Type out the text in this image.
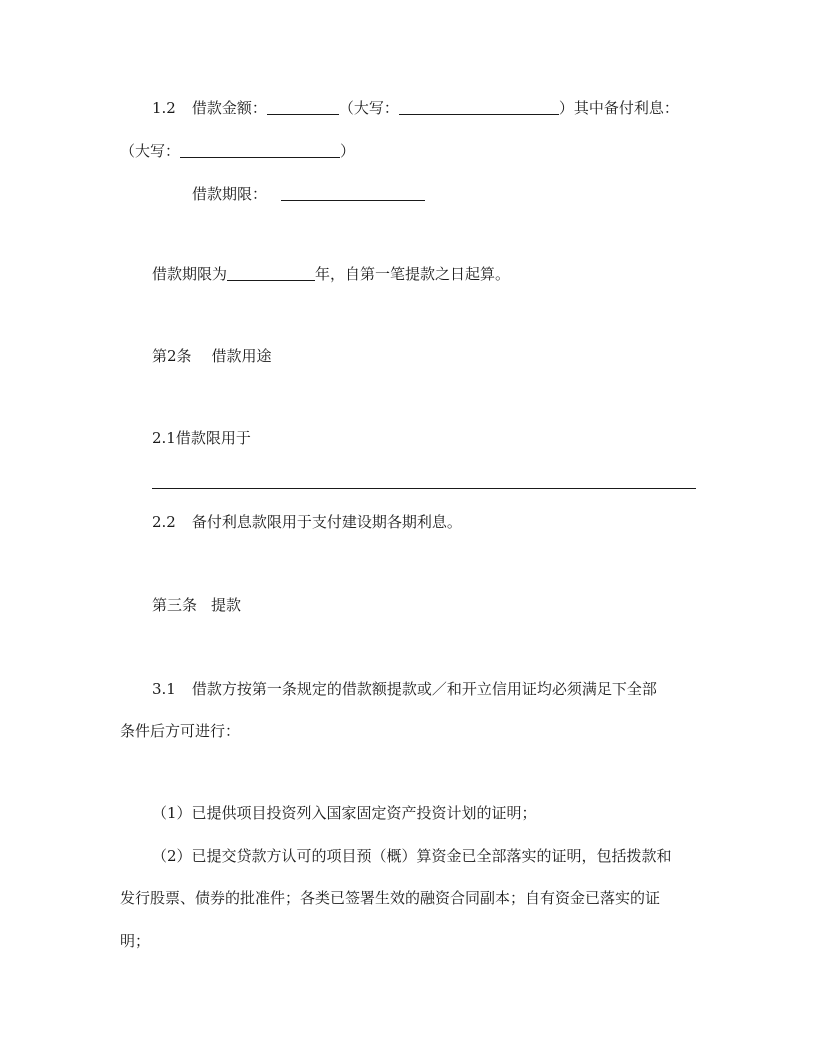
1.2 借款金额：	（大写：	）其中备付利息：
（大写：	）
借款期限：
借款期限为	年，自第一笔提款之日起算。
第2条 借款用途
2.1借款限用于
2.2 备付利息款限用于支付建设期各期利息。
第三条 提款
3.1 借款方按第一条规定的借款额提款或／和开立信用证均必须满足下全部
条件后方可进行：
（1）已提供项目投资列入国家固定资产投资计划的证明；
（2）已提交贷款方认可的项目预（概）算资金已全部落实的证明，包括拨款和
发行股票、债券的批准件；各类已签署生效的融资合同副本；自有资金已落实的证
明；
